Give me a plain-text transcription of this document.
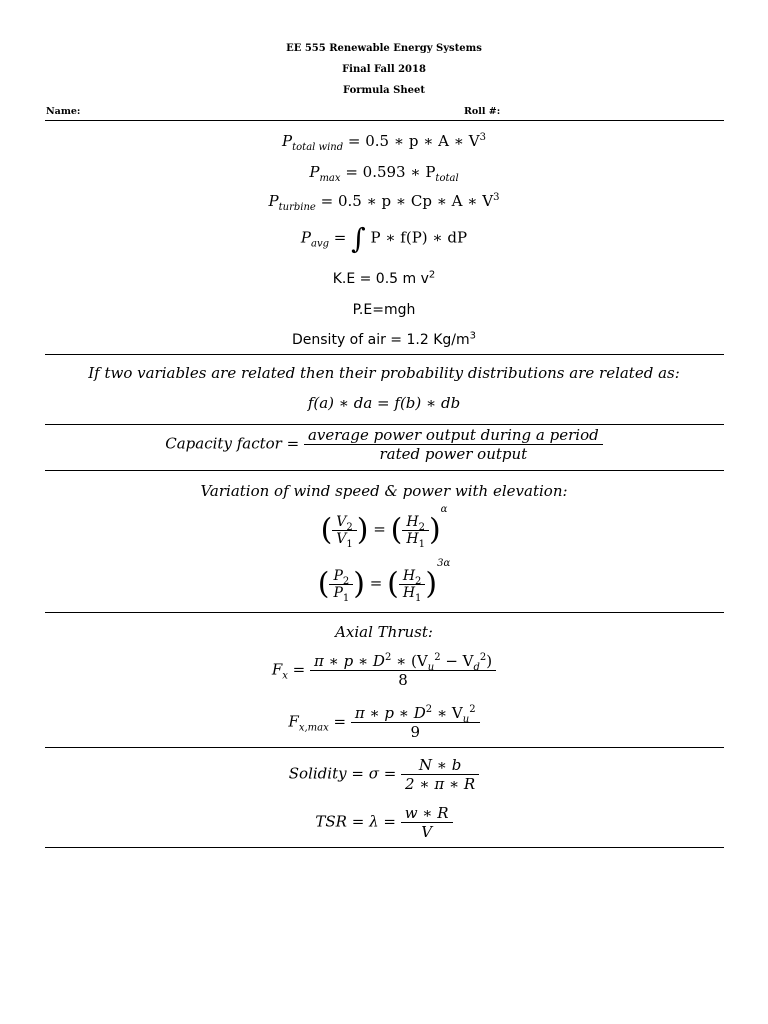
EE 555 Renewable Energy Systems
Final Fall 2018
Formula Sheet
Name:	Roll #:
$P_{total wind} = 0.5$ ∗ p ∗ A ∗ $V^3$
$P_{max} = 0.593$ ∗ $P_{total}$
$P_{turbine} = 0.5$ ∗ p ∗ Cp ∗ A ∗ $V^3$
$P_{avg}$ = ∫ P ∗ f(P) ∗ dP
K.E = 0.5 m $v^2$
P.E=mgh
Density of air = 1.2 $Kg/m^3$
If two variables are related then their probability distributions are related as:
f(a) ∗ da = f(b) ∗ db
Capacity factor = $\frac{\text{average power output during a period}}{\text{rated power output}}$
Variation of wind speed & power with elevation:
( $\frac{V_2}{V_1}$ ) = ( $\frac{H_2}{H_1} )^\alpha$
( $\frac{P_2}{P_1}$ ) = ( $\frac{H_2}{H_1} )^{3\alpha}$
Axial Thrust:
$F_x = \frac{\pi ∗ p ∗ D^2 ∗ (V_u^2 - V_d^2)}{8}$
$F_{x,max} = \frac{\pi ∗ p ∗ D^2 ∗ V_u^2}{9}$
Solidity = $\sigma = \frac{N ∗ b}{2 ∗ \pi ∗ R}$
TSR = $\lambda = \frac{w ∗ R}{V}$
